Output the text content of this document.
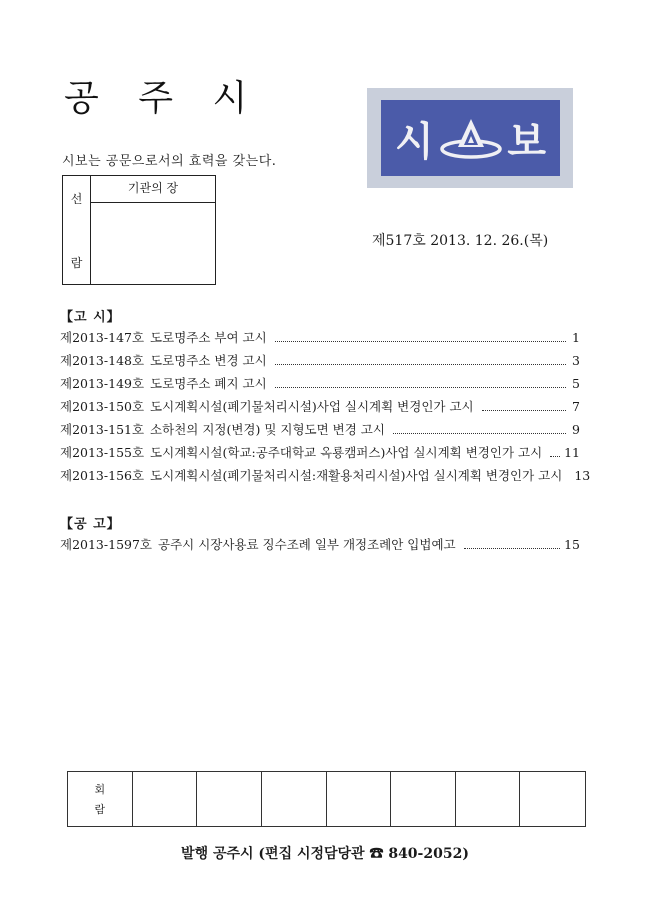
공 주 시
시보는 공문으로서의 효력을 갖는다.
선
람
기관의 장
시 보
제517호 2013. 12. 26.(목)
【고 시】
제2013-147호 도로명주소 부여 고시	1
제2013-148호 도로명주소 변경 고시	3
제2013-149호 도로명주소 폐지 고시	5
제2013-150호 도시계획시설(폐기물처리시설)사업 실시계획 변경인가 고시	7
제2013-151호 소하천의 지정(변경) 및 지형도면 변경 고시	9
제2013-155호 도시계획시설(학교:공주대학교 옥룡캠퍼스)사업 실시계획 변경인가 고시 11
제2013-156호 도시계획시설(폐기물처리시설:재활용처리시설)사업 실시계획 변경인가 고시 13
【공 고】
제2013-1597호 공주시 시장사용료 징수조례 일부 개정조례안 입법예고	15
회
람
발행 공주시 (편집 시정담당관 ☎ 840-2052)
